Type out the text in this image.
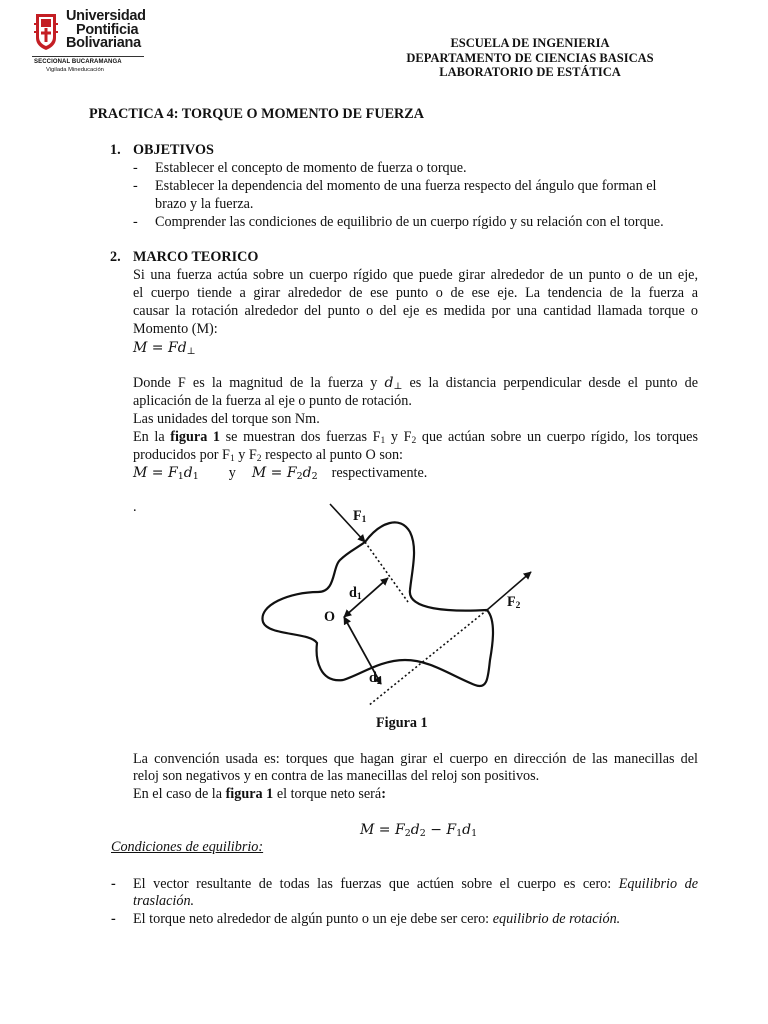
Universidad
Pontificia
Bolivariana
SECCIONAL BUCARAMANGA
Vigilada Mineducación
ESCUELA DE INGENIERIA
DEPARTAMENTO DE CIENCIAS BASICAS
LABORATORIO DE ESTÁTICA
PRACTICA 4: TORQUE O MOMENTO DE FUERZA
1. OBJETIVOS
- Establecer el concepto de momento de fuerza o torque.
- Establecer la dependencia del momento de una fuerza respecto del ángulo que forman el
brazo y la fuerza.
- Comprender las condiciones de equilibrio de un cuerpo rígido y su relación con el torque.
2. MARCO TEORICO
Si una fuerza actúa sobre un cuerpo rígido que puede girar alrededor de un punto o de un eje,
el cuerpo tiende a girar alrededor de ese punto o de ese eje. La tendencia de la fuerza a
causar la rotación alrededor del punto o del eje es medida por una cantidad llamada torque o
Momento (M):
$M = Fd_\perp$
Donde F es la magnitud de la fuerza y $d_\perp$ es la distancia perpendicular desde el punto de
aplicación de la fuerza al eje o punto de rotación.
Las unidades del torque son Nm.
En la figura 1 se muestran dos fuerzas $F_1$ y $F_2$ que actúan sobre un cuerpo rígido, los torques
producidos por $F_1$ y $F_2$ respecto al punto O son:
$M = F_1d_1$ y $M = F_2d_2$ respectivamente.
.
$F_1$
$F_2$
$d_1$
$d_2$
O
Figura 1
La convención usada es: torques que hagan girar el cuerpo en dirección de las manecillas del
reloj son negativos y en contra de las manecillas del reloj son positivos.
En el caso de la figura 1 el torque neto será:
$M = F_2d_2 - F_1d_1$
Condiciones de equilibrio:
- El vector resultante de todas las fuerzas que actúen sobre el cuerpo es cero: Equilibrio de
traslación.
- El torque neto alrededor de algún punto o un eje debe ser cero: equilibrio de rotación.
